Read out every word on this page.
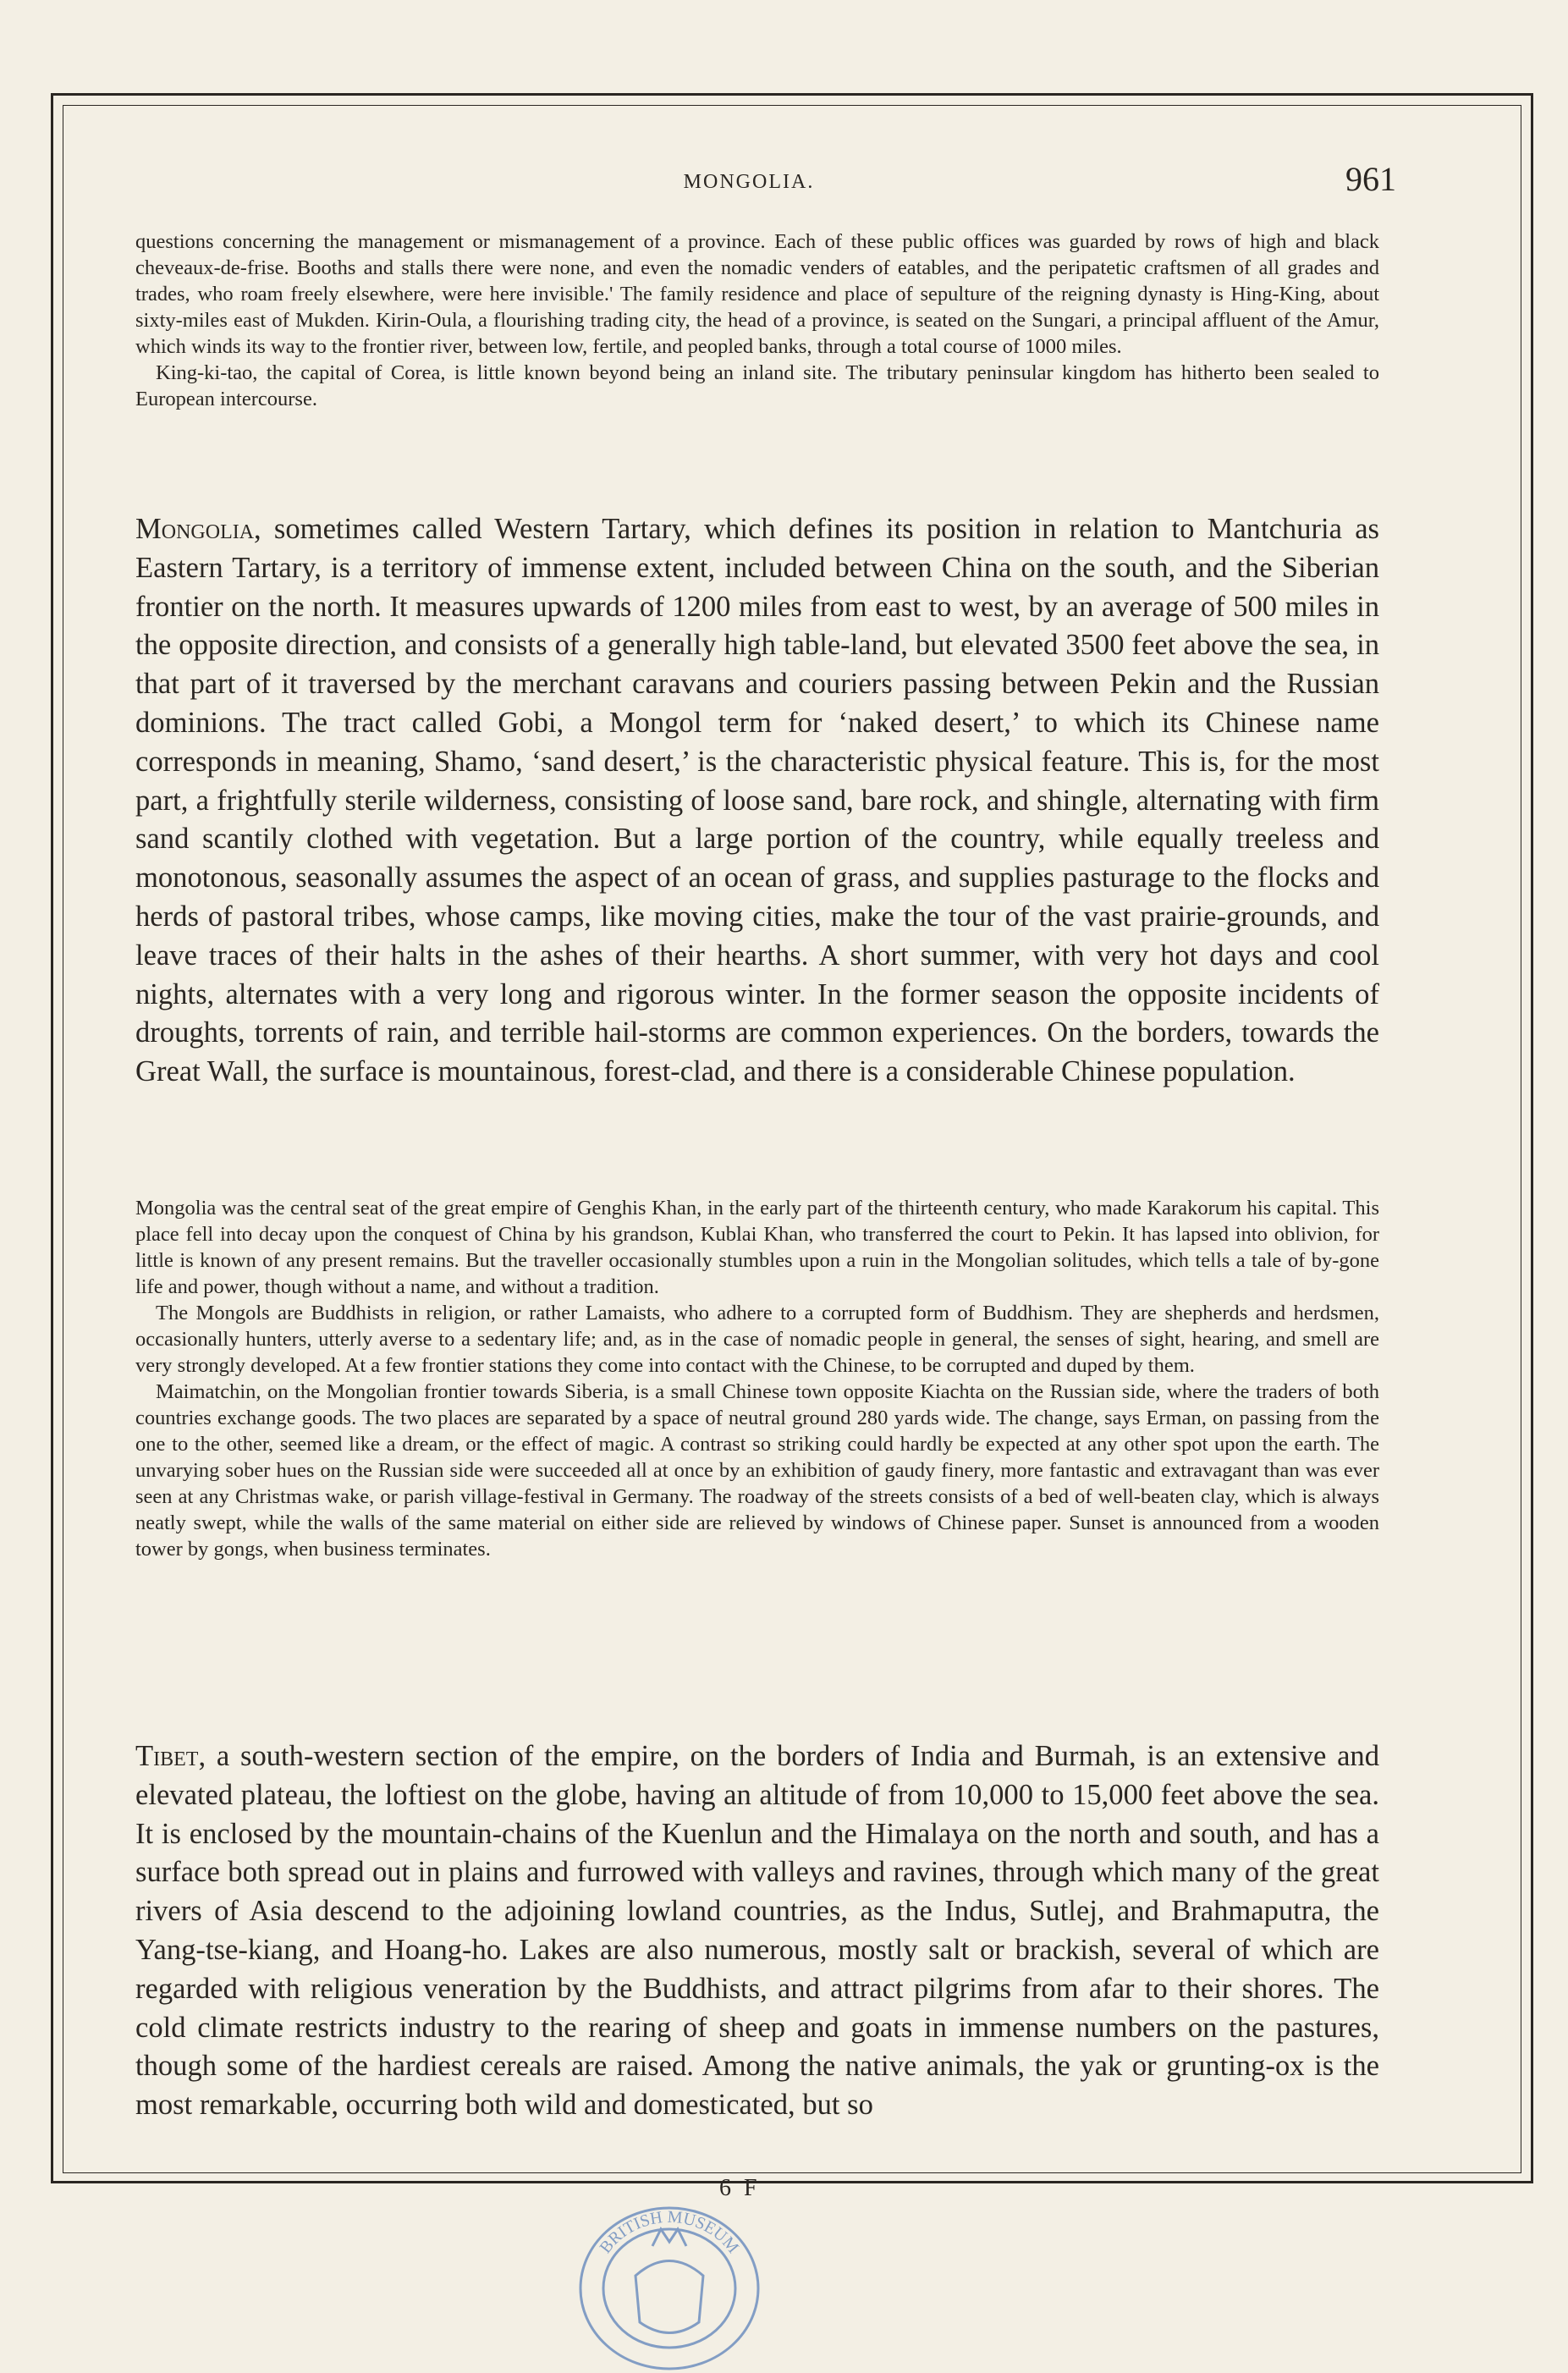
MONGOLIA.	961

questions concerning the management or mismanagement of a province. Each of these public offices was guarded by rows of high and black cheveaux-de-frise. Booths and stalls there were none, and even the nomadic venders of eatables, and the peripatetic craftsmen of all grades and trades, who roam freely elsewhere, were here invisible.' The family residence and place of sepulture of the reigning dynasty is Hing-King, about sixty-miles east of Mukden. Kirin-Oula, a flourishing trading city, the head of a province, is seated on the Sungari, a principal affluent of the Amur, which winds its way to the frontier river, between low, fertile, and peopled banks, through a total course of 1000 miles.

King-ki-tao, the capital of Corea, is little known beyond being an inland site. The tributary peninsular kingdom has hitherto been sealed to European intercourse.

Mongolia, sometimes called Western Tartary, which defines its position in relation to Mantchuria as Eastern Tartary, is a territory of immense extent, included between China on the south, and the Siberian frontier on the north. It measures upwards of 1200 miles from east to west, by an average of 500 miles in the opposite direction, and consists of a generally high table-land, but elevated 3500 feet above the sea, in that part of it traversed by the merchant caravans and couriers passing between Pekin and the Russian dominions. The tract called Gobi, a Mongol term for ‘naked desert,’ to which its Chinese name corresponds in meaning, Shamo, ‘sand desert,’ is the characteristic physical feature. This is, for the most part, a frightfully sterile wilderness, consisting of loose sand, bare rock, and shingle, alternating with firm sand scantily clothed with vegetation. But a large portion of the country, while equally treeless and monotonous, seasonally assumes the aspect of an ocean of grass, and supplies pasturage to the flocks and herds of pastoral tribes, whose camps, like moving cities, make the tour of the vast prairie-grounds, and leave traces of their halts in the ashes of their hearths. A short summer, with very hot days and cool nights, alternates with a very long and rigorous winter. In the former season the opposite incidents of droughts, torrents of rain, and terrible hail-storms are common experiences. On the borders, towards the Great Wall, the surface is mountainous, forest-clad, and there is a considerable Chinese population.

Mongolia was the central seat of the great empire of Genghis Khan, in the early part of the thirteenth century, who made Karakorum his capital. This place fell into decay upon the conquest of China by his grandson, Kublai Khan, who transferred the court to Pekin. It has lapsed into oblivion, for little is known of any present remains. But the traveller occasionally stumbles upon a ruin in the Mongolian solitudes, which tells a tale of by-gone life and power, though without a name, and without a tradition.

The Mongols are Buddhists in religion, or rather Lamaists, who adhere to a corrupted form of Buddhism. They are shepherds and herdsmen, occasionally hunters, utterly averse to a sedentary life; and, as in the case of nomadic people in general, the senses of sight, hearing, and smell are very strongly developed. At a few frontier stations they come into contact with the Chinese, to be corrupted and duped by them.

Maimatchin, on the Mongolian frontier towards Siberia, is a small Chinese town opposite Kiachta on the Russian side, where the traders of both countries exchange goods. The two places are separated by a space of neutral ground 280 yards wide. The change, says Erman, on passing from the one to the other, seemed like a dream, or the effect of magic. A contrast so striking could hardly be expected at any other spot upon the earth. The unvarying sober hues on the Russian side were succeeded all at once by an exhibition of gaudy finery, more fantastic and extravagant than was ever seen at any Christmas wake, or parish village-festival in Germany. The roadway of the streets consists of a bed of well-beaten clay, which is always neatly swept, while the walls of the same material on either side are relieved by windows of Chinese paper. Sunset is announced from a wooden tower by gongs, when business terminates.

Tibet, a south-western section of the empire, on the borders of India and Burmah, is an extensive and elevated plateau, the loftiest on the globe, having an altitude of from 10,000 to 15,000 feet above the sea. It is enclosed by the mountain-chains of the Kuenlun and the Himalaya on the north and south, and has a surface both spread out in plains and furrowed with valleys and ravines, through which many of the great rivers of Asia descend to the adjoining lowland countries, as the Indus, Sutlej, and Brahmaputra, the Yang-tse-kiang, and Hoang-ho. Lakes are also numerous, mostly salt or brackish, several of which are regarded with religious veneration by the Buddhists, and attract pilgrims from afar to their shores. The cold climate restricts industry to the rearing of sheep and goats in immense numbers on the pastures, though some of the hardiest cereals are raised. Among the native animals, the yak or grunting-ox is the most remarkable, occurring both wild and domesticated, but so

6 F
BRITISH MUSEUM
